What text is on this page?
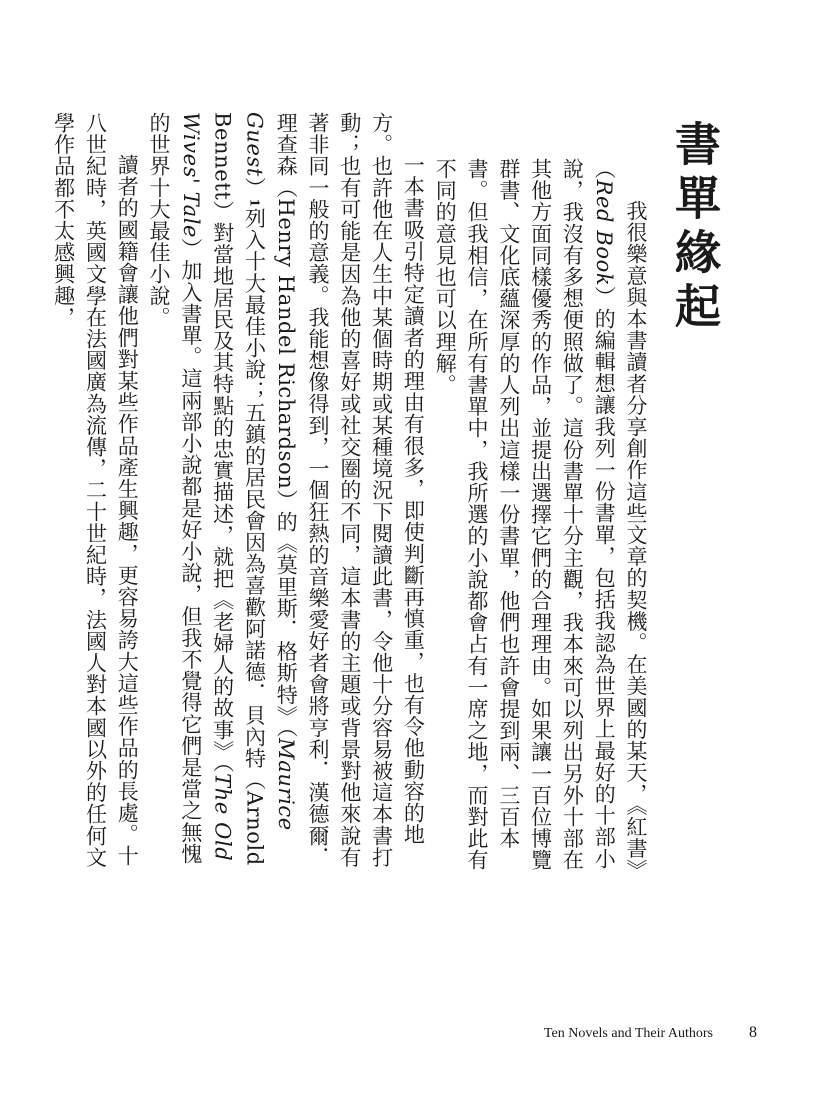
書單緣起

我很樂意與本書讀者分享創作這些文章的契機。在美國的某天，《紅書》（Red Book）的編輯想讓我列一份書單，包括我認為世界上最好的十部小說，我沒有多想便照做了。這份書單十分主觀，我本來可以列出另外十部在其他方面同樣優秀的作品，並提出選擇它們的合理理由。如果讓一百位博覽群書、文化底蘊深厚的人列出這樣一份書單，他們也許會提到兩、三百本書。但我相信，在所有書單中，我所選的小說都會占有一席之地，而對此有不同的意見也可以理解。

一本書吸引特定讀者的理由有很多，即使判斷再慎重，也有令他動容的地方。也許他在人生中某個時期或某種境況下閱讀此書，令他十分容易被這本書打動；也有可能是因為他的喜好或社交圈的不同，這本書的主題或背景對他來說有著非同一般的意義。我能想像得到，一個狂熱的音樂愛好者會將亨利．漢德爾．理查森（Henry Handel Richardson）的《莫里斯．格斯特》（Maurice Guest）1列入十大最佳小說；五鎮的居民會因為喜歡阿諾德．貝內特（Arnold Bennett）對當地居民及其特點的忠實描述，就把《老婦人的故事》（The Old Wives' Tale）加入書單。這兩部小說都是好小說，但我不覺得它們是當之無愧的世界十大最佳小說。

讀者的國籍會讓他們對某些作品產生興趣，更容易誇大這些作品的長處。十八世紀時，英國文學在法國廣為流傳，二十世紀時，法國人對本國以外的任何文學作品都不太感興趣，

Ten Novels and Their Authors 8
